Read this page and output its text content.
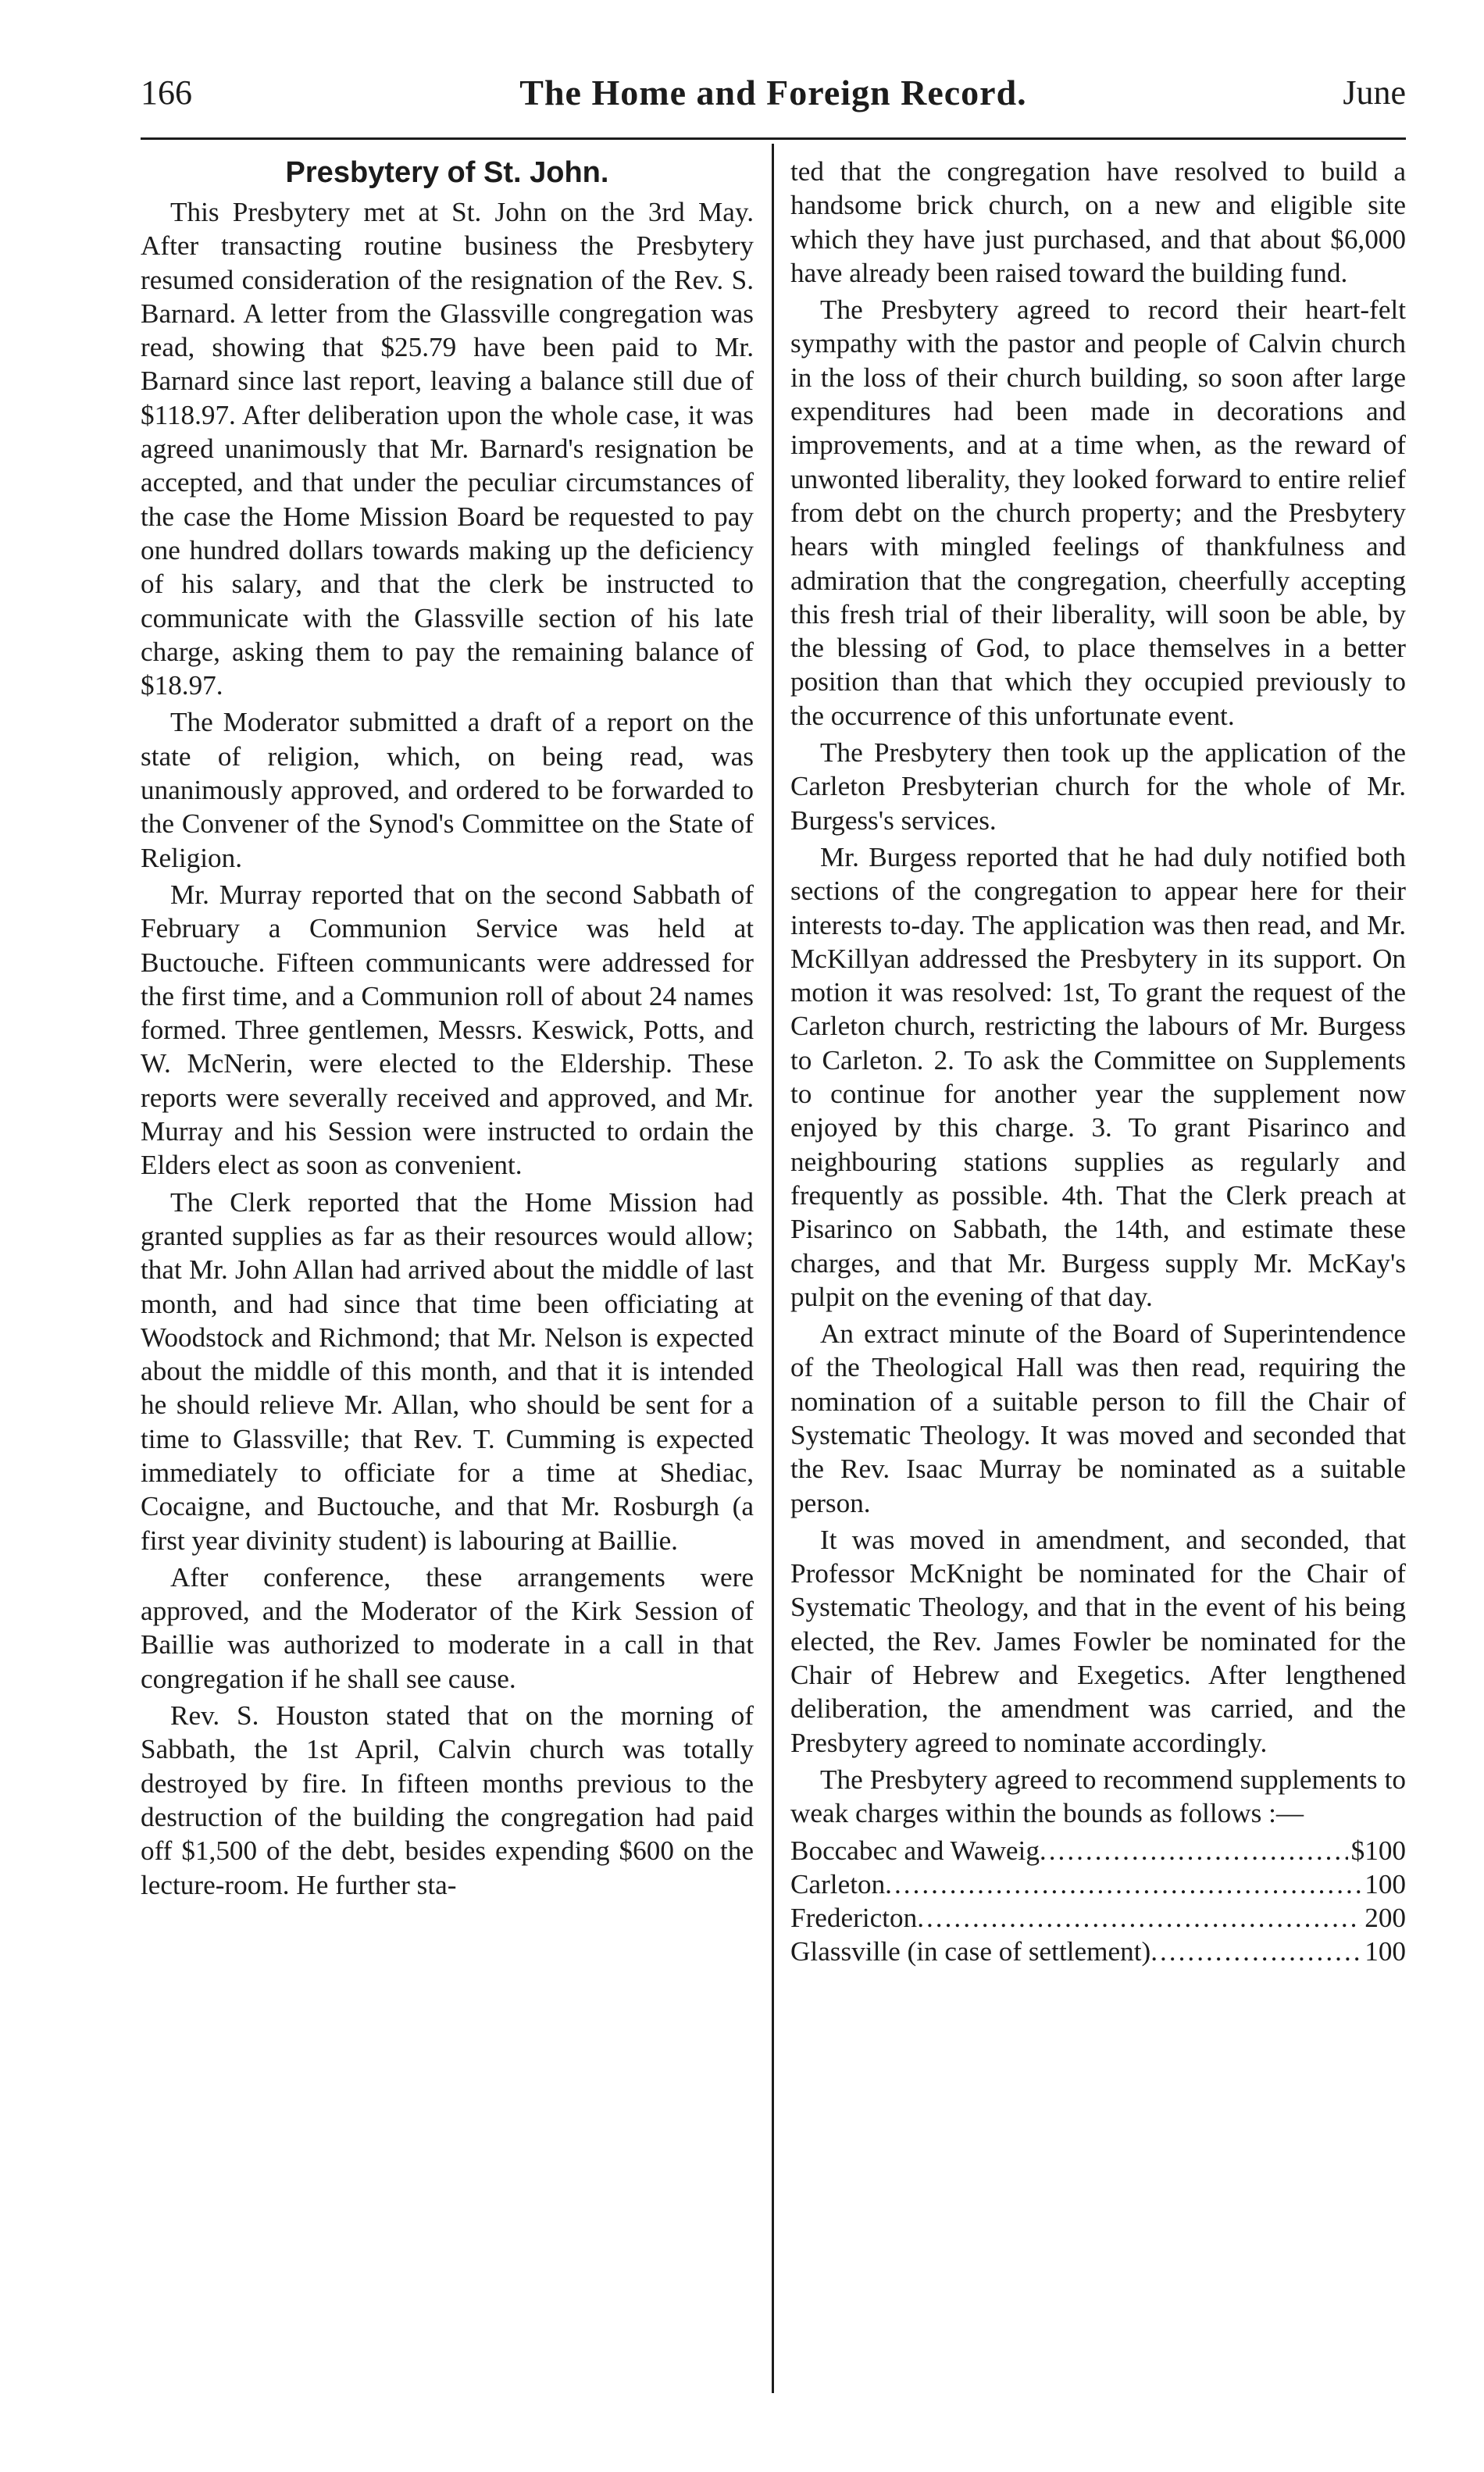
166	The Home and Foreign Record.	June
Presbytery of St. John.

This Presbytery met at St. John on the 3rd May. After transacting routine business the Presbytery resumed consideration of the resignation of the Rev. S. Barnard. A letter from the Glassville congregation was read, showing that $25.79 have been paid to Mr. Barnard since last report, leaving a balance still due of $118.97. After deliberation upon the whole case, it was agreed unanimously that Mr. Barnard's resignation be accepted, and that under the peculiar circumstances of the case the Home Mission Board be requested to pay one hundred dollars towards making up the deficiency of his salary, and that the clerk be instructed to communicate with the Glassville section of his late charge, asking them to pay the remaining balance of $18.97.

The Moderator submitted a draft of a report on the state of religion, which, on being read, was unanimously approved, and ordered to be forwarded to the Convener of the Synod's Committee on the State of Religion.

Mr. Murray reported that on the second Sabbath of February a Communion Service was held at Buctouche. Fifteen communicants were addressed for the first time, and a Communion roll of about 24 names formed. Three gentlemen, Messrs. Keswick, Potts, and W. McNerin, were elected to the Eldership. These reports were severally received and approved, and Mr. Murray and his Session were instructed to ordain the Elders elect as soon as convenient.

The Clerk reported that the Home Mission had granted supplies as far as their resources would allow; that Mr. John Allan had arrived about the middle of last month, and had since that time been officiating at Woodstock and Richmond; that Mr. Nelson is expected about the middle of this month, and that it is intended he should relieve Mr. Allan, who should be sent for a time to Glassville; that Rev. T. Cumming is expected immediately to officiate for a time at Shediac, Cocaigne, and Buctouche, and that Mr. Rosburgh (a first year divinity student) is labouring at Baillie.

After conference, these arrangements were approved, and the Moderator of the Kirk Session of Baillie was authorized to moderate in a call in that congregation if he shall see cause.

Rev. S. Houston stated that on the morning of Sabbath, the 1st April, Calvin church was totally destroyed by fire. In fifteen months previous to the destruction of the building the congregation had paid off $1,500 of the debt, besides expending $600 on the lecture-room. He further sta-

ted that the congregation have resolved to build a handsome brick church, on a new and eligible site which they have just purchased, and that about $6,000 have already been raised toward the building fund.

The Presbytery agreed to record their heart-felt sympathy with the pastor and people of Calvin church in the loss of their church building, so soon after large expenditures had been made in decorations and improvements, and at a time when, as the reward of unwonted liberality, they looked forward to entire relief from debt on the church property; and the Presbytery hears with mingled feelings of thankfulness and admiration that the congregation, cheerfully accepting this fresh trial of their liberality, will soon be able, by the blessing of God, to place themselves in a better position than that which they occupied previously to the occurrence of this unfortunate event.

The Presbytery then took up the application of the Carleton Presbyterian church for the whole of Mr. Burgess's services.

Mr. Burgess reported that he had duly notified both sections of the congregation to appear here for their interests to-day. The application was then read, and Mr. McKillyan addressed the Presbytery in its support. On motion it was resolved: 1st, To grant the request of the Carleton church, restricting the labours of Mr. Burgess to Carleton. 2. To ask the Committee on Supplements to continue for another year the supplement now enjoyed by this charge. 3. To grant Pisarinco and neighbouring stations supplies as regularly and frequently as possible. 4th. That the Clerk preach at Pisarinco on Sabbath, the 14th, and estimate these charges, and that Mr. Burgess supply Mr. McKay's pulpit on the evening of that day.

An extract minute of the Board of Superintendence of the Theological Hall was then read, requiring the nomination of a suitable person to fill the Chair of Systematic Theology. It was moved and seconded that the Rev. Isaac Murray be nominated as a suitable person.

It was moved in amendment, and seconded, that Professor McKnight be nominated for the Chair of Systematic Theology, and that in the event of his being elected, the Rev. James Fowler be nominated for the Chair of Hebrew and Exegetics. After lengthened deliberation, the amendment was carried, and the Presbytery agreed to nominate accordingly.

The Presbytery agreed to recommend supplements to weak charges within the bounds as follows :—

Boccabec and Waweig .....	$100
Carleton .....	100
Fredericton .....	200
Glassville (in case of settlement) .....	100
